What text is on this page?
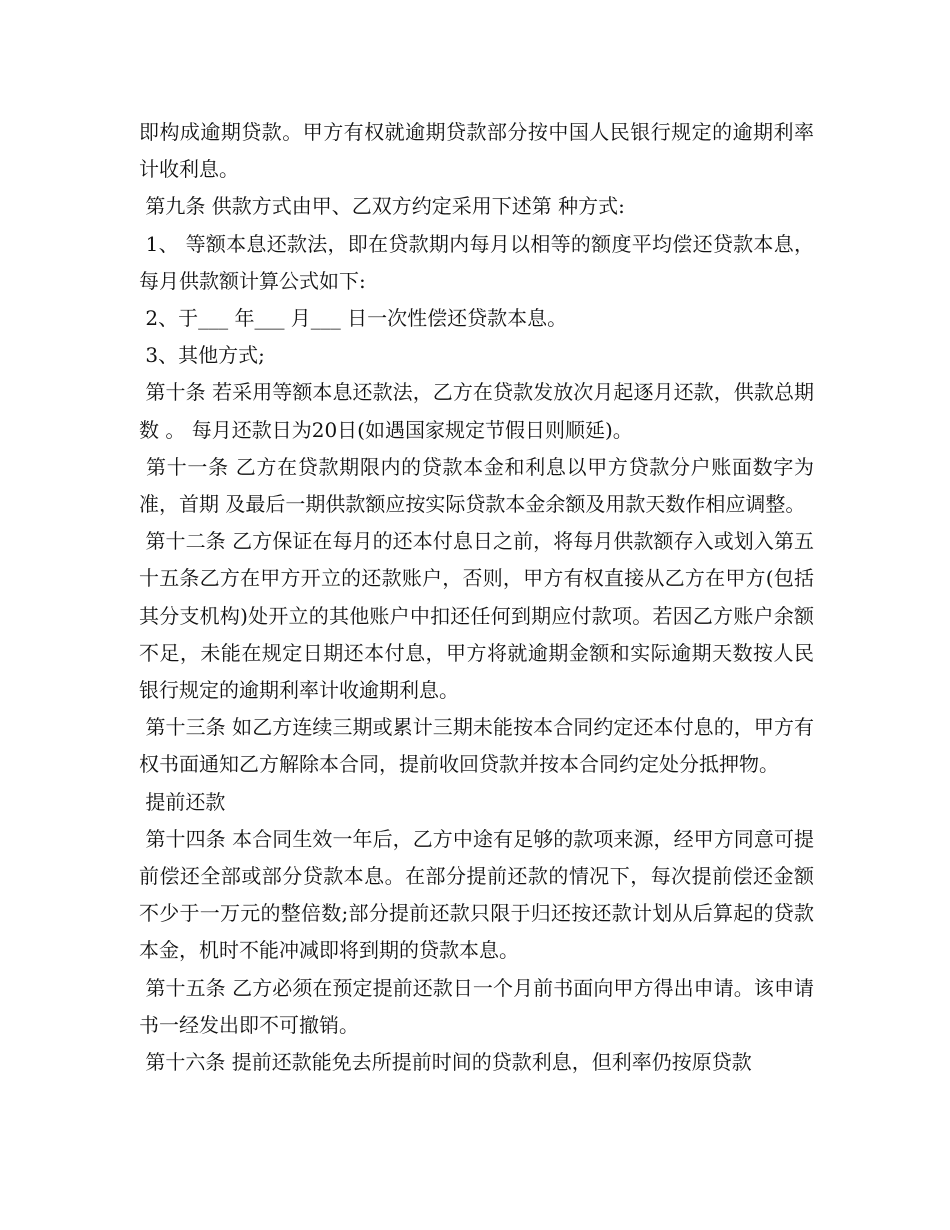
即构成逾期贷款。甲方有权就逾期贷款部分按中国人民银行规定的逾期利率计收利息。

第九条 供款方式由甲、乙双方约定采用下述第 种方式:

1、 等额本息还款法，即在贷款期内每月以相等的额度平均偿还贷款本息，每月供款额计算公式如下:

2、于___ 年___ 月___ 日一次性偿还贷款本息。

3、其他方式;

第十条 若采用等额本息还款法，乙方在贷款发放次月起逐月还款，供款总期数 。 每月还款日为20日(如遇国家规定节假日则顺延)。

第十一条 乙方在贷款期限内的贷款本金和利息以甲方贷款分户账面数字为准，首期 及最后一期供款额应按实际贷款本金余额及用款天数作相应调整。

第十二条 乙方保证在每月的还本付息日之前，将每月供款额存入或划入第五十五条乙方在甲方开立的还款账户，否则，甲方有权直接从乙方在甲方(包括其分支机构)处开立的其他账户中扣还任何到期应付款项。若因乙方账户余额不足，未能在规定日期还本付息，甲方将就逾期金额和实际逾期天数按人民银行规定的逾期利率计收逾期利息。

第十三条 如乙方连续三期或累计三期未能按本合同约定还本付息的，甲方有权书面通知乙方解除本合同，提前收回贷款并按本合同约定处分抵押物。

提前还款

第十四条 本合同生效一年后，乙方中途有足够的款项来源，经甲方同意可提前偿还全部或部分贷款本息。在部分提前还款的情况下，每次提前偿还金额不少于一万元的整倍数;部分提前还款只限于归还按还款计划从后算起的贷款本金，机时不能冲减即将到期的贷款本息。

第十五条 乙方必须在预定提前还款日一个月前书面向甲方得出申请。该申请书一经发出即不可撤销。

第十六条 提前还款能免去所提前时间的贷款利息，但利率仍按原贷款
